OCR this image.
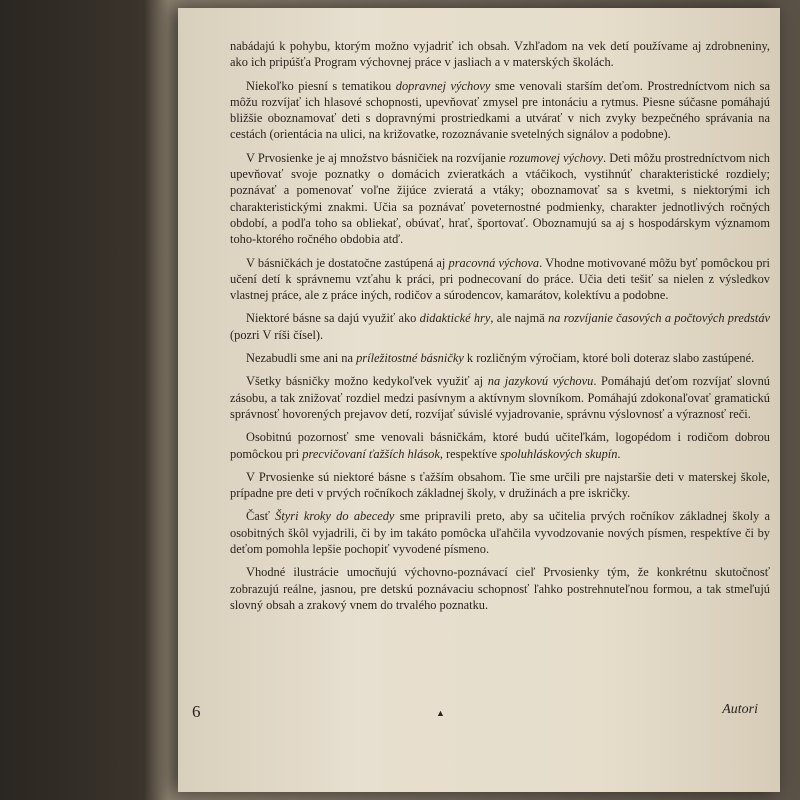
nabádajú k pohybu, ktorým možno vyjadriť ich obsah. Vzhľadom na vek detí používame aj zdrobneniny, ako ich pripúšťa Program výchovnej práce v jasliach a v materských školách.

Niekoľko piesní s tematikou dopravnej výchovy sme venovali starším deťom. Prostredníctvom nich sa môžu rozvíjať ich hlasové schopnosti, upevňovať zmysel pre intonáciu a rytmus. Piesne súčasne pomáhajú bližšie oboznamovať deti s dopravnými prostriedkami a utvárať v nich zvyky bezpečného správania na cestách (orientácia na ulici, na križovatke, rozoznávanie svetelných signálov a podobne).

V Prvosienke je aj množstvo básničiek na rozvíjanie rozumovej výchovy. Deti môžu prostredníctvom nich upevňovať svoje poznatky o domácich zvieratkách a vtáčikoch, vystihnúť charakteristické rozdiely; poznávať a pomenovať voľne žijúce zvieratá a vtáky; oboznamovať sa s kvetmi, s niektorými ich charakteristickými znakmi. Učia sa poznávať poveternostné podmienky, charakter jednotlivých ročných období, a podľa toho sa obliekať, obúvať, hrať, športovať. Oboznamujú sa aj s hospodárskym významom toho-ktorého ročného obdobia atď.

V básničkách je dostatočne zastúpená aj pracovná výchova. Vhodne motivované môžu byť pomôckou pri učení detí k správnemu vzťahu k práci, pri podnecovaní do práce. Učia deti tešiť sa nielen z výsledkov vlastnej práce, ale z práce iných, rodičov a súrodencov, kamarátov, kolektívu a podobne.

Niektoré básne sa dajú využiť ako didaktické hry, ale najmä na rozvíjanie časových a počtových predstáv (pozri V ríši čísel).

Nezabudli sme ani na príležitostné básničky k rozličným výročiam, ktoré boli doteraz slabo zastúpené.

Všetky básničky možno kedykoľvek využiť aj na jazykovú výchovu. Pomáhajú deťom rozvíjať slovnú zásobu, a tak znižovať rozdiel medzi pasívnym a aktívnym slovníkom. Pomáhajú zdokonaľovať gramatickú správnosť hovorených prejavov detí, rozvíjať súvislé vyjadrovanie, správnu výslovnosť a výraznosť reči.

Osobitnú pozornosť sme venovali básničkám, ktoré budú učiteľkám, logopédom i rodičom dobrou pomôckou pri precvičovaní ťažších hlások, respektíve spoluhláskových skupín.

V Prvosienke sú niektoré básne s ťažším obsahom. Tie sme určili pre najstaršie deti v materskej škole, prípadne pre deti v prvých ročníkoch základnej školy, v družinách a pre iskričky.

Časť Štyri kroky do abecedy sme pripravili preto, aby sa učitelia prvých ročníkov základnej školy a osobitných škôl vyjadrili, či by im takáto pomôcka uľahčila vyvodzovanie nových písmen, respektíve či by deťom pomohla lepšie pochopiť vyvodené písmeno.

Vhodné ilustrácie umocňujú výchovno-poznávací cieľ Prvosienky tým, že konkrétnu skutočnosť zobrazujú reálne, jasnou, pre detskú poznávaciu schopnosť ľahko postrehnuteľnou formou, a tak stmeľujú slovný obsah a zrakový vnem do trvalého poznatku.

6	▲	Autori
